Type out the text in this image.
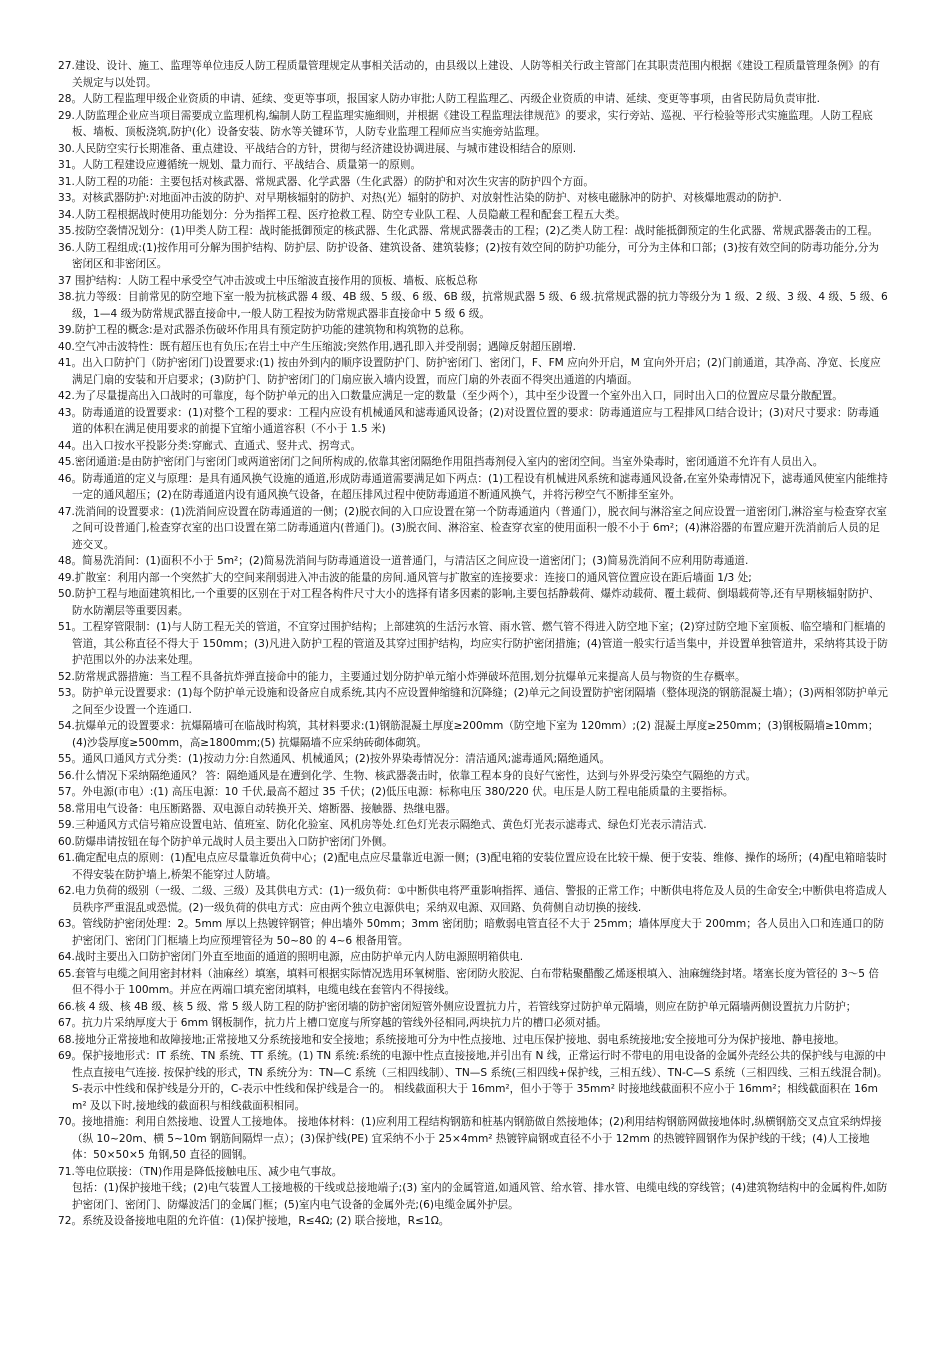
27.建设、设计、施工、监理等单位违反人防工程质量管理规定从事相关活动的，由县级以上建设、人防等相关行政主管部门在其职责范围内根据《建设工程质量管理条例》的有关规定与以处罚。

28。人防工程监理甲级企业资质的申请、延续、变更等事项，报国家人防办审批;人防工程监理乙、丙级企业资质的申请、延续、变更等事项，由省民防局负责审批.

29.人防监理企业应当项目需要成立监理机构,编制人防工程监理实施细则，并根据《建设工程监理法律规范》的要求，实行旁站、巡视、平行检验等形式实施监理。人防工程底板、墙板、顶板浇筑,防护(化）设备安装、防水等关键环节，人防专业监理工程师应当实施旁站监理。

30.人民防空实行长期准备、重点建设、平战结合的方针，贯彻与经济建设协调进展、与城市建设相结合的原则.

31。人防工程建设应遵循统一规划、量力而行、平战结合、质量第一的原则。

31.人防工程的功能：主要包括对核武器、常规武器、化学武器（生化武器）的防护和对次生灾害的防护四个方面。

33。对核武器防护:对地面冲击波的防护、对早期核辐射的防护、对热(光）辐射的防护、对放射性沾染的防护、对核电磁脉冲的防护、对核爆地震动的防护.

34.人防工程根据战时使用功能划分：分为指挥工程、医疗抢救工程、防空专业队工程、人员隐蔽工程和配套工程五大类。

35.按防空袭情况划分：(1)甲类人防工程：战时能抵御预定的核武器、生化武器、常规武器袭击的工程；(2)乙类人防工程：战时能抵御预定的生化武器、常规武器袭击的工程。

36.人防工程组成:(1)按作用可分解为围护结构、防护层、防护设备、建筑设备、建筑装修；(2)按有效空间的防护功能分，可分为主体和口部；(3)按有效空间的防毒功能分,分为密闭区和非密闭区。

37 围护结构：人防工程中承受空气冲击波或土中压缩波直接作用的顶板、墙板、底板总称

38.抗力等级：目前常见的防空地下室一般为抗核武器 4 级、4B 级、5 级、6 级、6B 级，抗常规武器 5 级、6 级.抗常规武器的抗力等级分为 1 级、2 级、3 级、4 级、5 级、6 级，1—4 级为防常规武器直接命中,一般人防工程按为防常规武器非直接命中 5 级 6 级。

39.防护工程的概念:是对武器杀伤破坏作用具有预定防护功能的建筑物和构筑物的总称。

40.空气冲击波特性：既有超压也有负压;在岩土中产生压缩波;突然作用,遇孔即入并受削弱；遇障反射超压剧增.

41。出入口防护门（防护密闭门)设置要求:(1) 按由外到内的顺序设置防护门、防护密闭门、密闭门，F、FM 应向外开启，M 宜向外开启；(2)门前通道，其净高、净宽、长度应满足门扇的安装和开启要求；(3)防护门、防护密闭门的门扇应嵌入墙内设置，而应门扇的外表面不得突出通道的内墙面。

42.为了尽量提高出入口战时的可靠度，每个防护单元的出入口数量应满足一定的数量（至少两个），其中至少设置一个室外出入口，同时出入口的位置应尽量分散配置。

43。防毒通道的设置要求：(1)对整个工程的要求：工程内应设有机械通风和滤毒通风设备；(2)对设置位置的要求：防毒通道应与工程排风口结合设计；(3)对尺寸要求：防毒通道的体积在满足使用要求的前提下宜缩小通道容积（不小于 1.5 米)

44。出入口按水平投影分类:穿廊式、直通式、竖井式、拐弯式。

45.密闭通道:是由防护密闭门与密闭门或两道密闭门之间所构成的,依靠其密闭隔绝作用阻挡毒剂侵入室内的密闭空间。当室外染毒时，密闭通道不允许有人员出入。

46。防毒通道的定义与原理：是具有通风换气设施的通道,形成防毒通道需要满足如下两点：(1)工程设有机械进风系统和滤毒通风设备,在室外染毒情况下，滤毒通风使室内能维持一定的通风超压；(2)在防毒通道内设有通风换气设备，在超压排风过程中使防毒通道不断通风换气，并将污秽空气不断排至室外。

47.洗消间的设置要求：(1)洗消间应设置在防毒通道的一侧；(2)脱衣间的入口应设置在第一个防毒通道内（普通门），脱衣间与淋浴室之间应设置一道密闭门,淋浴室与检查穿衣室之间可设普通门,检查穿衣室的出口设置在第二防毒通道内(普通门)。(3)脱衣间、淋浴室、检查穿衣室的使用面积一般不小于 6m²；(4)淋浴器的布置应避开洗消前后人员的足迹交叉。

48。简易洗消间：(1)面积不小于 5m²；(2)简易洗消间与防毒通道设一道普通门，与清洁区之间应设一道密闭门；(3)简易洗消间不应利用防毒通道.

49.扩散室：利用内部一个突然扩大的空间来削弱进入冲击波的能量的房间.通风管与扩散室的连接要求：连接口的通风管位置应设在距后墙面 1/3 处;

50.防护工程与地面建筑相比,一个重要的区别在于对工程各构件尺寸大小的选择有诸多因素的影响,主要包括静载荷、爆炸动载荷、覆土载荷、倒塌载荷等,还有早期核辐射防护、防水防潮层等重要因素。

51。工程穿管限制：(1)与人防工程无关的管道，不宜穿过围护结构；上部建筑的生活污水管、雨水管、燃气管不得进入防空地下室；(2)穿过防空地下室顶板、临空墙和门框墙的管道，其公称直径不得大于 150mm；(3)凡进入防护工程的管道及其穿过围护结构，均应实行防护密闭措施；(4)管道一般实行适当集中，并设置单独管道井，采纳将其设于防护范围以外的办法来处理。

52.防常规武器措施：当工程不具备抗炸弹直接命中的能力，主要通过划分防护单元缩小炸弹破坏范围,划分抗爆单元来提高人员与物资的生存概率。

53。防护单元设置要求：(1)每个防护单元设施和设备应自成系统,其内不应设置伸缩缝和沉降缝；(2)单元之间设置防护密闭隔墙（整体现浇的钢筋混凝土墙）；(3)两相邻防护单元之间至少设置一个连通口.

54.抗爆单元的设置要求：抗爆隔墙可在临战时构筑，其材料要求:(1)钢筋混凝土厚度≥200mm（防空地下室为 120mm）;(2) 混凝土厚度≥250mm；(3)钢板隔墙≥10mm；(4)沙袋厚度≥500mm，高≥1800mm;(5) 抗爆隔墙不应采纳砖砌体砌筑。

55。通风口通风方式分类：(1)按动力分:自然通风、机械通风；(2)按外界染毒情况分：清洁通风;滤毒通风;隔绝通风。

56.什么情况下采纳隔绝通风？ 答：隔绝通风是在遭到化学、生物、核武器袭击时，依靠工程本身的良好气密性，达到与外界受污染空气隔绝的方式。

57。外电源(市电）:(1) 高压电源：10 千伏,最高不超过 35 千伏；(2)低压电源：标称电压 380/220 伏。电压是人防工程电能质量的主要指标。

58.常用电气设备：电压断路器、双电源自动转换开关、熔断器、接触器、热继电器。

59.三种通风方式信号箱应设置电站、值班室、防化化验室、风机房等处.红色灯光表示隔绝式、黄色灯光表示滤毒式、绿色灯光表示清洁式.

60.防爆串请按钮在每个防护单元战时人员主要出入口防护密闭门外侧。

61.确定配电点的原则：(1)配电点应尽量靠近负荷中心；(2)配电点应尽量靠近电源一侧；(3)配电箱的安装位置应设在比较干燥、便于安装、维修、操作的场所；(4)配电箱暗装时不得安装在防护墙上,桥架不能穿过人防墙。

62.电力负荷的级别（一级、二级、三级）及其供电方式：(1)一级负荷：①中断供电将严重影响指挥、通信、警报的正常工作；中断供电将危及人员的生命安全;中断供电将造成人员秩序严重混乱或恐慌。(2)一级负荷的供电方式：应由两个独立电源供电；采纳双电源、双回路、负荷侧自动切换的接线.

63。管线防护密闭处理：2。5mm 厚以上热镀锌钢管；伸出墙外 50mm；3mm 密闭肋；暗敷弱电管直径不大于 25mm；墙体厚度大于 200mm；各人员出入口和连通口的防护密闭门、密闭门门框墙上均应预埋管径为 50~80 的 4~6 根备用管。

64.战时主要出入口防护密闭门外直至地面的通道的照明电源，应由防护单元内人防电源照明箱供电.

65.套管与电缆之间用密封材料（油麻丝）填塞，填料可根据实际情况选用环氧树脂、密闭防火胶泥、白布带粘聚醋酸乙烯逐根填入、油麻缠绕封堵。堵塞长度为管径的 3～5 倍但不得小于 100mm。并应在两端口填充密闭填料，电缆电线在套管内不得接线。

66.核 4 级、核 4B 级、核 5 级、常 5 级人防工程的防护密闭墙的防护密闭短管外侧应设置抗力片，若管线穿过防护单元隔墙，则应在防护单元隔墙两侧设置抗力片防护；

67。抗力片采纳厚度大于 6mm 钢板制作，抗力片上槽口宽度与所穿越的管线外径相同,两块抗力片的槽口必须对插。

68.接地分正常接地和故障接地;正常接地又分系统接地和安全接地；系统接地可分为中性点接地、过电压保护接地、弱电系统接地;安全接地可分为保护接地、静电接地。

69。保护接地形式：IT 系统、TN 系统、TT 系统。(1) TN 系统:系统的电源中性点直接接地,并引出有 N 线，正常运行时不带电的用电设备的金属外壳经公共的保护线与电源的中性点直接电气连接. 按保护线的形式，TN 系统分为：TN—C 系统（三相四线制）、TN—S 系统(三相四线+保护线，三相五线）、TN-C—S 系统（三相四线、三相五线混合制)。S-表示中性线和保护线是分开的，C-表示中性线和保护线是合一的。 相线截面积大于 16mm²，但小于等于 35mm² 时接地线截面积不应小于 16mm²；相线截面积在 16mm² 及以下时,接地线的截面积与相线截面积相同。

70。接地措施：利用自然接地、设置人工接地体。 接地体材料：(1)应利用工程结构钢筋和桩基内钢筋做自然接地体；(2)利用结构钢筋网做接地体时,纵横钢筋交叉点宜采纳焊接（纵 10~20m、横 5~10m 钢筋间隔焊一点）；(3)保护线(PE) 宜采纳不小于 25×4mm² 热镀锌扁钢或直径不小于 12mm 的热镀锌圆钢作为保护线的干线；(4)人工接地体：50×50×5 角钢,50 直径的圆钢。

71.等电位联接：（TN)作用是降低接触电压、减少电气事故。

包括：(1)保护接地干线；(2)电气装置人工接地极的干线或总接地端子;(3) 室内的金属管道,如通风管、给水管、排水管、电缆电线的穿线管；(4)建筑物结构中的金属构件,如防护密闭门、密闭门、防爆波活门的金属门框；(5)室内电气设备的金属外壳;(6)电缆金属外护层。

72。系统及设备接地电阻的允许值：(1)保护接地，R≤4Ω; (2) 联合接地，R≤1Ω。
